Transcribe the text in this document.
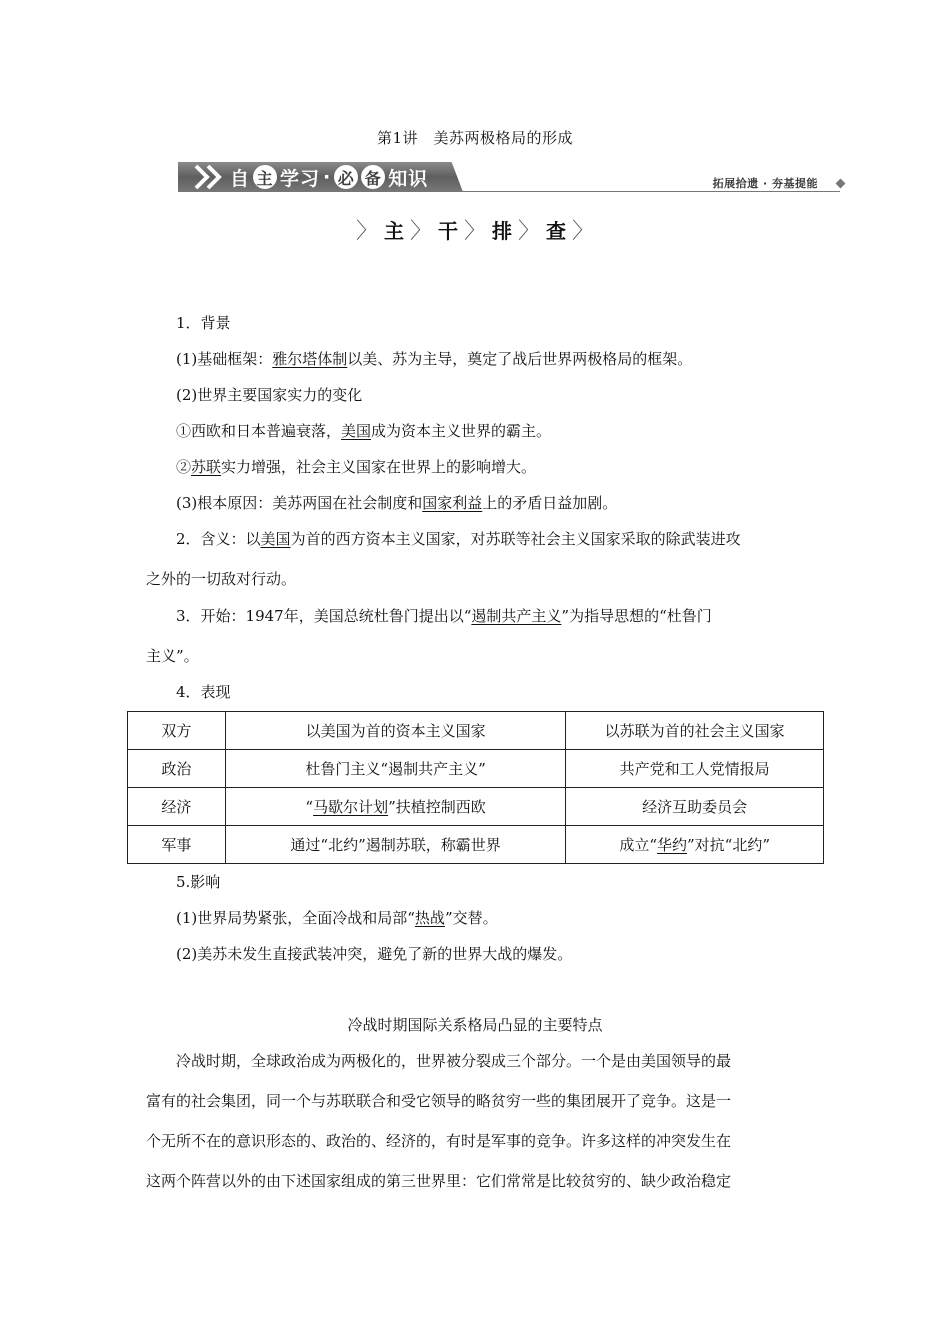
第1讲　美苏两极格局的形成
自 主 学习 · 必 备 知识	拓展拾遗 · 夯基提能
〉 主 〉 干 〉 排 〉 查 〉
1．背景
(1)基础框架：雅尔塔体制以美、苏为主导，奠定了战后世界两极格局的框架。
(2)世界主要国家实力的变化
①西欧和日本普遍衰落，美国成为资本主义世界的霸主。
②苏联实力增强，社会主义国家在世界上的影响增大。
(3)根本原因：美苏两国在社会制度和国家利益上的矛盾日益加剧。
2．含义：以美国为首的西方资本主义国家，对苏联等社会主义国家采取的除武装进攻
之外的一切敌对行动。
3．开始：1947年，美国总统杜鲁门提出以“遏制共产主义”为指导思想的“杜鲁门
主义”。
4．表现
双方	以美国为首的资本主义国家	以苏联为首的社会主义国家
政治	杜鲁门主义“遏制共产主义”	共产党和工人党情报局
经济	“马歇尔计划”扶植控制西欧	经济互助委员会
军事	通过“北约”遏制苏联，称霸世界	成立“华约”对抗“北约”
5.影响
(1)世界局势紧张，全面冷战和局部“热战”交替。
(2)美苏未发生直接武装冲突，避免了新的世界大战的爆发。
冷战时期国际关系格局凸显的主要特点
冷战时期，全球政治成为两极化的，世界被分裂成三个部分。一个是由美国领导的最
富有的社会集团，同一个与苏联联合和受它领导的略贫穷一些的集团展开了竞争。这是一
个无所不在的意识形态的、政治的、经济的，有时是军事的竞争。许多这样的冲突发生在
这两个阵营以外的由下述国家组成的第三世界里：它们常常是比较贫穷的、缺少政治稳定
